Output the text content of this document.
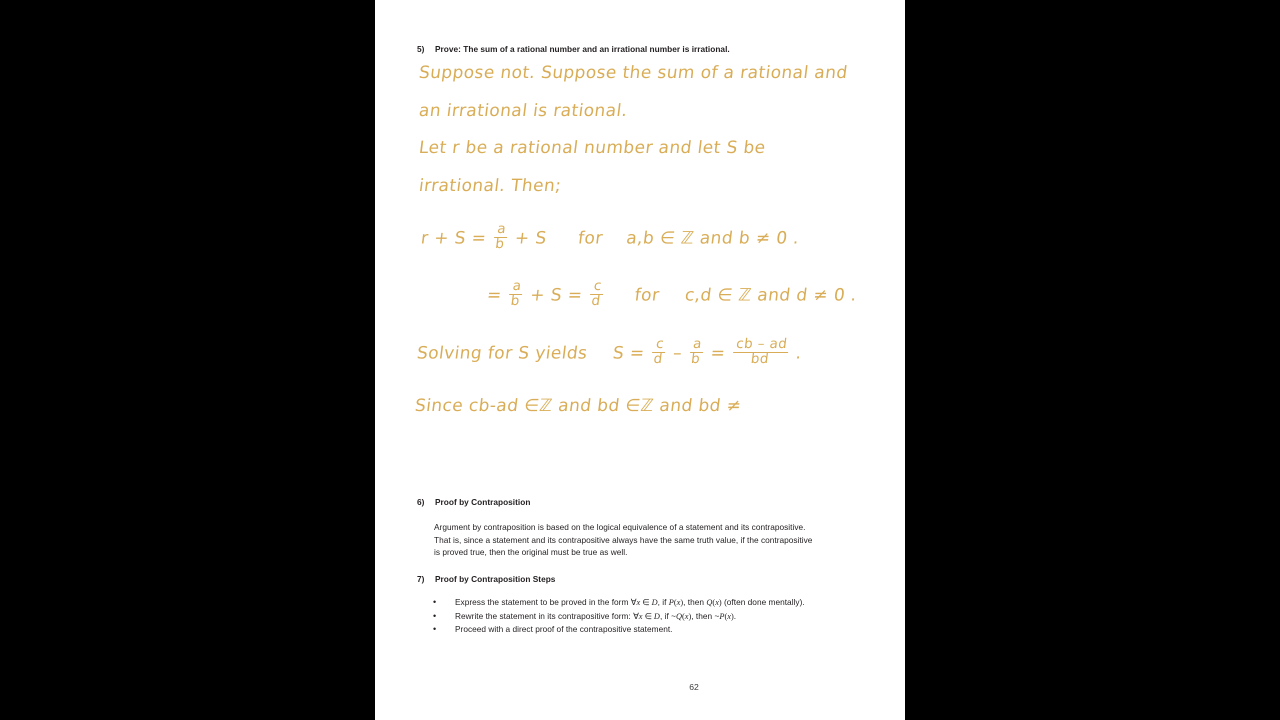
5)	Prove: The sum of a rational number and an irrational number is irrational.
Suppose not. Suppose the sum of a rational and
an irrational is rational.
Let r be a rational number and let S be
irrational. Then;
$r + S = \frac{a}{b} + S$ for a,b ∈ ℤ and b ≠ 0 .
= $\frac{a}{b} + S = \frac{c}{d}$ for c,d ∈ ℤ and d ≠ 0 .
Solving for S yields $S = \frac{c}{d} - \frac{a}{b} = \frac{cb - ad}{bd}$ .
Since cb-ad ∈ℤ and bd ∈ℤ and bd ≠
6)	Proof by Contraposition
Argument by contraposition is based on the logical equivalence of a statement and its contrapositive.
That is, since a statement and its contrapositive always have the same truth value, if the contrapositive
is proved true, then the original must be true as well.
7)	Proof by Contraposition Steps
•	Express the statement to be proved in the form ∀x ∈ D, if P(x), then Q(x) (often done mentally).
•	Rewrite the statement in its contrapositive form: ∀x ∈ D, if ~Q(x), then ~P(x).
•	Proceed with a direct proof of the contrapositive statement.
62
